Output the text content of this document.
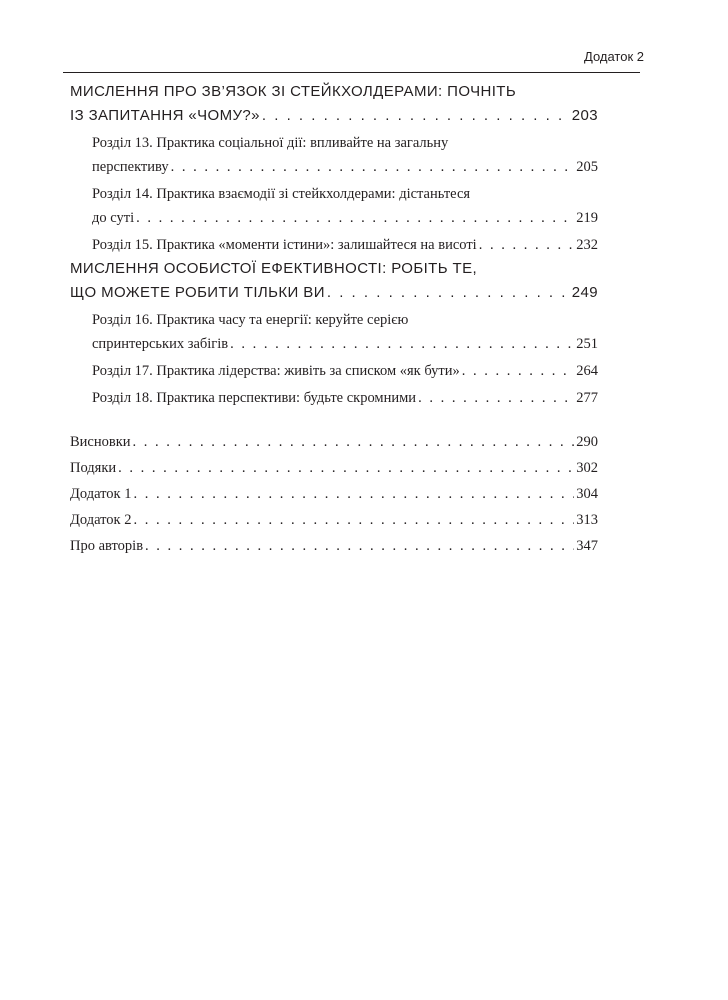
Додаток 2
МИСЛЕННЯ ПРО ЗВ’ЯЗОК ЗІ СТЕЙКХОЛДЕРАМИ: ПОЧНІТЬ
ІЗ ЗАПИТАННЯ «ЧОМУ?» . . .	203
Розділ 13. Практика соціальної дії: впливайте на загальну
перспективу . . .	205
Розділ 14. Практика взаємодії зі стейкхолдерами: дістаньтеся
до суті . . .	219
Розділ 15. Практика «моменти істини»: залишайтеся на висоті . . .	232
МИСЛЕННЯ ОСОБИСТОЇ ЕФЕКТИВНОСТІ: РОБІТЬ ТЕ,
ЩО МОЖЕТЕ РОБИТИ ТІЛЬКИ ВИ . . .	249
Розділ 16. Практика часу та енергії: керуйте серією
спринтерських забігів . . .	251
Розділ 17. Практика лідерства: живіть за списком «як бути» . . .	264
Розділ 18. Практика перспективи: будьте скромними . . .	277
Висновки . . .	290
Подяки . . .	302
Додаток 1 . . .	304
Додаток 2 . . .	313
Про авторів . . .	347
